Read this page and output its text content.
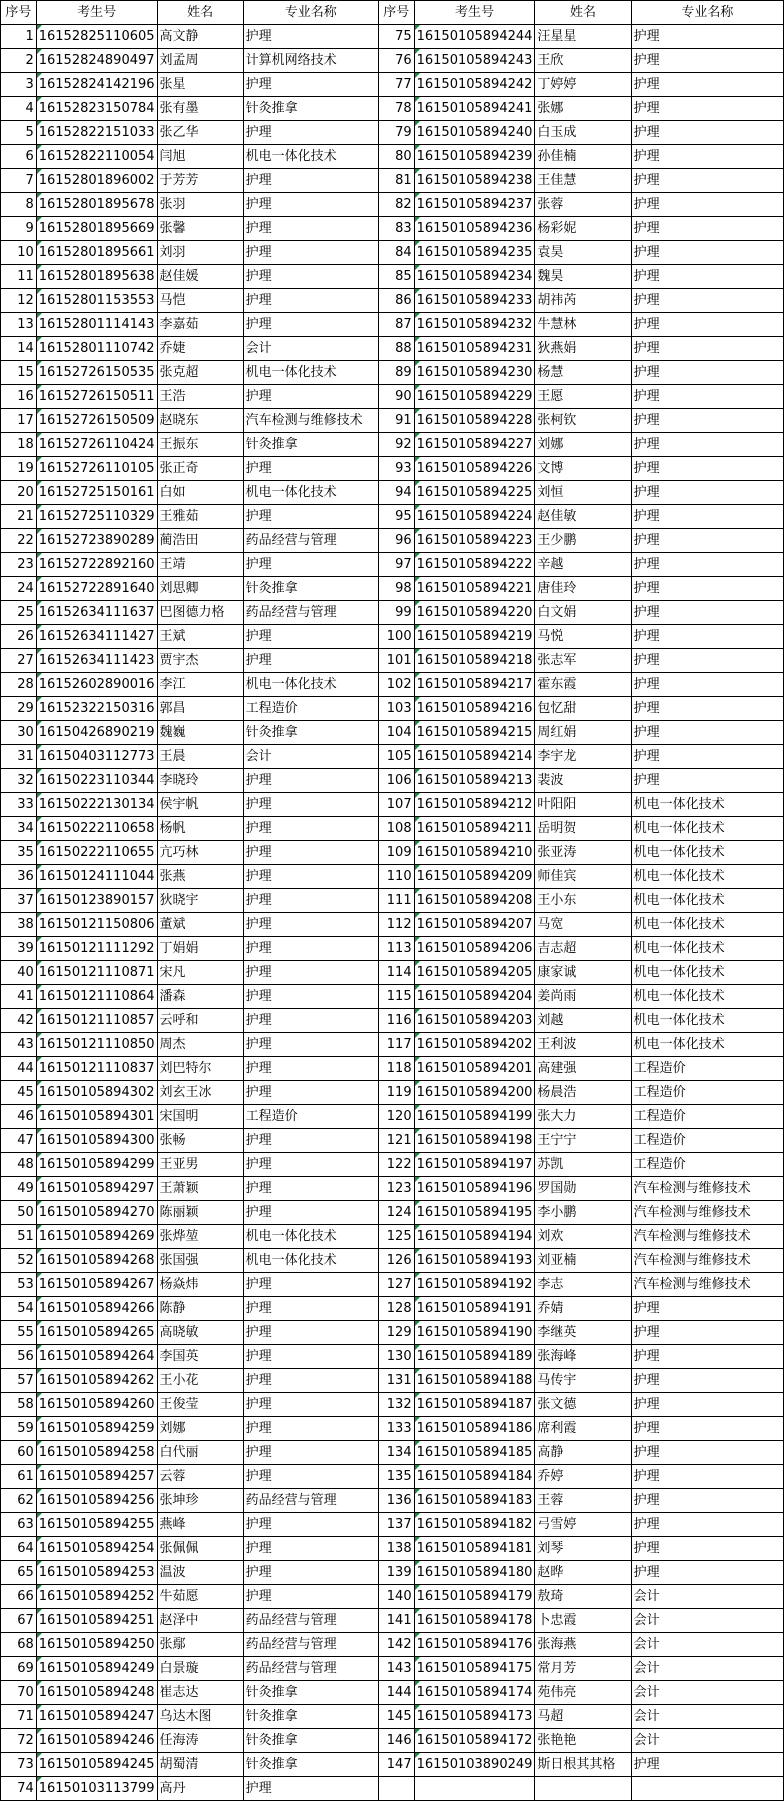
序号	考生号	姓名	专业名称	序号	考生号	姓名	专业名称
1	16152825110605	高文静	护理	75	16150105894244	汪星星	护理
2	16152824890497	刘孟周	计算机网络技术	76	16150105894243	王欣	护理
3	16152824142196	张星	护理	77	16150105894242	丁婷婷	护理
4	16152823150784	张有墨	针灸推拿	78	16150105894241	张娜	护理
5	16152822151033	张乙华	护理	79	16150105894240	白玉成	护理
6	16152822110054	闫旭	机电一体化技术	80	16150105894239	孙佳楠	护理
7	16152801896002	于芳芳	护理	81	16150105894238	王佳慧	护理
8	16152801895678	张羽	护理	82	16150105894237	张蓉	护理
9	16152801895669	张馨	护理	83	16150105894236	杨彩妮	护理
10	16152801895661	刘羽	护理	84	16150105894235	袁昊	护理
11	16152801895638	赵佳媛	护理	85	16150105894234	魏昊	护理
12	16152801153553	马恺	护理	86	16150105894233	胡祎芮	护理
13	16152801114143	李嘉茹	护理	87	16150105894232	牛慧林	护理
14	16152801110742	乔婕	会计	88	16150105894231	狄燕娟	护理
15	16152726150535	张克超	机电一体化技术	89	16150105894230	杨慧	护理
16	16152726150511	王浩	护理	90	16150105894229	王愿	护理
17	16152726150509	赵晓东	汽车检测与维修技术	91	16150105894228	张柯钦	护理
18	16152726110424	王振东	针灸推拿	92	16150105894227	刘娜	护理
19	16152726110105	张正奇	护理	93	16150105894226	文博	护理
20	16152725150161	白如	机电一体化技术	94	16150105894225	刘恒	护理
21	16152725110329	王雅茹	护理	95	16150105894224	赵佳敏	护理
22	16152723890289	蔺浩田	药品经营与管理	96	16150105894223	王少鹏	护理
23	16152722892160	王靖	护理	97	16150105894222	辛越	护理
24	16152722891640	刘思卿	针灸推拿	98	16150105894221	唐佳玲	护理
25	16152634111637	巴图德力格	药品经营与管理	99	16150105894220	白文娟	护理
26	16152634111427	王斌	护理	100	16150105894219	马悦	护理
27	16152634111423	贾宇杰	护理	101	16150105894218	张志军	护理
28	16152602890016	李江	机电一体化技术	102	16150105894217	霍东霞	护理
29	16152322150316	郭昌	工程造价	103	16150105894216	包忆甜	护理
30	16150426890219	魏巍	针灸推拿	104	16150105894215	周红娟	护理
31	16150403112773	王晨	会计	105	16150105894214	李宇龙	护理
32	16150223110344	李晓玲	护理	106	16150105894213	裴波	护理
33	16150222130134	侯宇帆	护理	107	16150105894212	叶阳阳	机电一体化技术
34	16150222110658	杨帆	护理	108	16150105894211	岳明贺	机电一体化技术
35	16150222110655	亢巧林	护理	109	16150105894210	张亚涛	机电一体化技术
36	16150124111044	张燕	护理	110	16150105894209	师佳宾	机电一体化技术
37	16150123890157	狄晓宇	护理	111	16150105894208	王小东	机电一体化技术
38	16150121150806	董斌	护理	112	16150105894207	马宽	机电一体化技术
39	16150121111292	丁娟娟	护理	113	16150105894206	吉志超	机电一体化技术
40	16150121110871	宋凡	护理	114	16150105894205	康家诚	机电一体化技术
41	16150121110864	潘森	护理	115	16150105894204	姜尚雨	机电一体化技术
42	16150121110857	云呼和	护理	116	16150105894203	刘越	机电一体化技术
43	16150121110850	周杰	护理	117	16150105894202	王利波	机电一体化技术
44	16150121110837	刘巴特尔	护理	118	16150105894201	高建强	工程造价
45	16150105894302	刘玄王冰	护理	119	16150105894200	杨晨浩	工程造价
46	16150105894301	宋国明	工程造价	120	16150105894199	张大力	工程造价
47	16150105894300	张畅	护理	121	16150105894198	王宁宁	工程造价
48	16150105894299	王亚男	护理	122	16150105894197	苏凯	工程造价
49	16150105894297	王萧颖	护理	123	16150105894196	罗国勋	汽车检测与维修技术
50	16150105894270	陈丽颖	护理	124	16150105894195	李小鹏	汽车检测与维修技术
51	16150105894269	张烨堃	机电一体化技术	125	16150105894194	刘欢	汽车检测与维修技术
52	16150105894268	张国强	机电一体化技术	126	16150105894193	刘亚楠	汽车检测与维修技术
53	16150105894267	杨焱炜	护理	127	16150105894192	李志	汽车检测与维修技术
54	16150105894266	陈静	护理	128	16150105894191	乔婧	护理
55	16150105894265	高晓敏	护理	129	16150105894190	李继英	护理
56	16150105894264	李国英	护理	130	16150105894189	张海峰	护理
57	16150105894262	王小花	护理	131	16150105894188	马传宇	护理
58	16150105894260	王俊莹	护理	132	16150105894187	张文德	护理
59	16150105894259	刘娜	护理	133	16150105894186	席利霞	护理
60	16150105894258	白代丽	护理	134	16150105894185	高静	护理
61	16150105894257	云蓉	护理	135	16150105894184	乔婷	护理
62	16150105894256	张坤珍	药品经营与管理	136	16150105894183	王蓉	护理
63	16150105894255	燕峰	护理	137	16150105894182	弓雪婷	护理
64	16150105894254	张佩佩	护理	138	16150105894181	刘琴	护理
65	16150105894253	温波	护理	139	16150105894180	赵晔	护理
66	16150105894252	牛茹愿	护理	140	16150105894179	敖琦	会计
67	16150105894251	赵泽中	药品经营与管理	141	16150105894178	卜忠霞	会计
68	16150105894250	张鄢	药品经营与管理	142	16150105894176	张海燕	会计
69	16150105894249	白景璇	药品经营与管理	143	16150105894175	常月芳	会计
70	16150105894248	崔志达	针灸推拿	144	16150105894174	苑伟亮	会计
71	16150105894247	乌达木图	针灸推拿	145	16150105894173	马超	会计
72	16150105894246	任海涛	针灸推拿	146	16150105894172	张艳艳	会计
73	16150105894245	胡蜀清	针灸推拿	147	16150103890249	斯日根其其格	护理
74	16150103113799	高丹	护理				
